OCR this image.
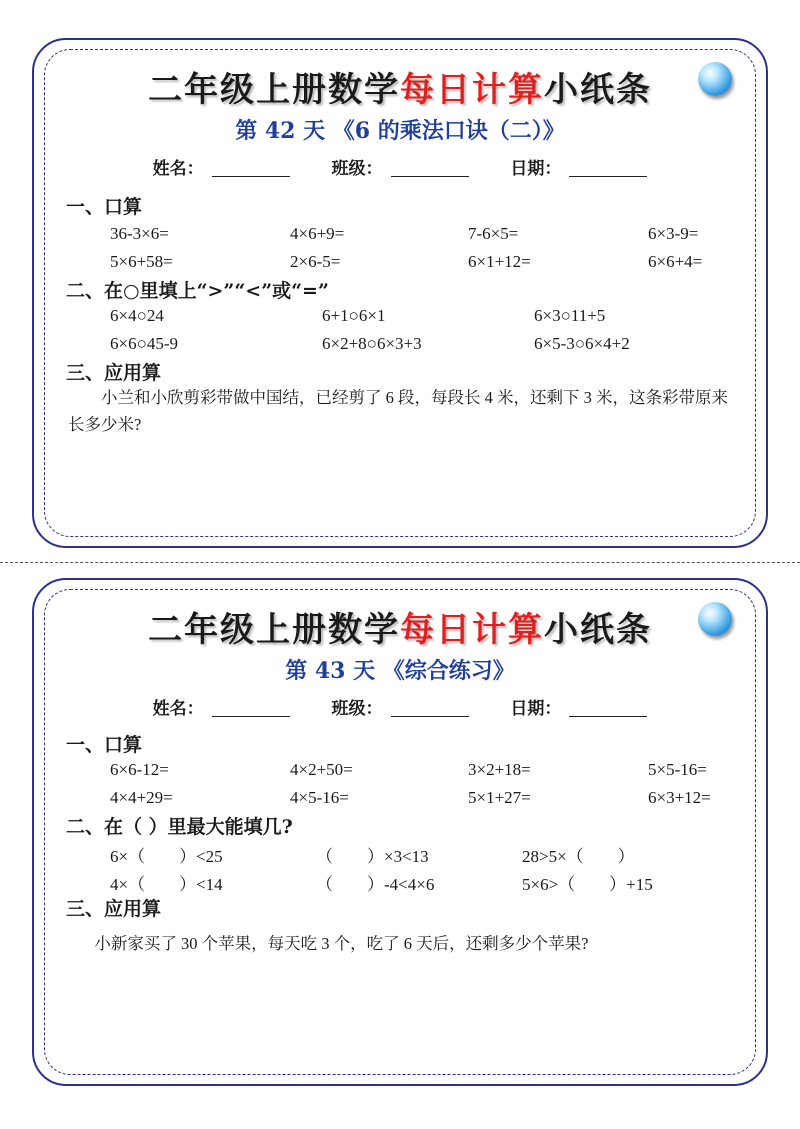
二年级上册数学每日计算小纸条
第 42 天 《6 的乘法口诀（二）》
姓名：	班级：	日期：
一、口算
36-3×6=	4×6+9=	7-6×5=	6×3-9=
5×6+58=	2×6-5=	6×1+12=	6×6+4=
二、在○里填上“>”“<”或“=”
6×4○24	6+1○6×1	6×3○11+5
6×6○45-9	6×2+8○6×3+3	6×5-3○6×4+2
三、应用算
小兰和小欣剪彩带做中国结，已经剪了 6 段，每段长 4 米，还剩下 3 米，这条彩带原来长多少米?
二年级上册数学每日计算小纸条
第 43 天 《综合练习》
姓名：	班级：	日期：
一、口算
6×6-12=	4×2+50=	3×2+18=	5×5-16=
4×4+29=	4×5-16=	5×1+27=	6×3+12=
二、在（ ）里最大能填几?
6×（　　）<25	（　　）×3<13	28>5×（　　）
4×（　　）<14	（　　）-4<4×6	5×6>（　　）+15
三、应用算
小新家买了 30 个苹果，每天吃 3 个，吃了 6 天后，还剩多少个苹果?
